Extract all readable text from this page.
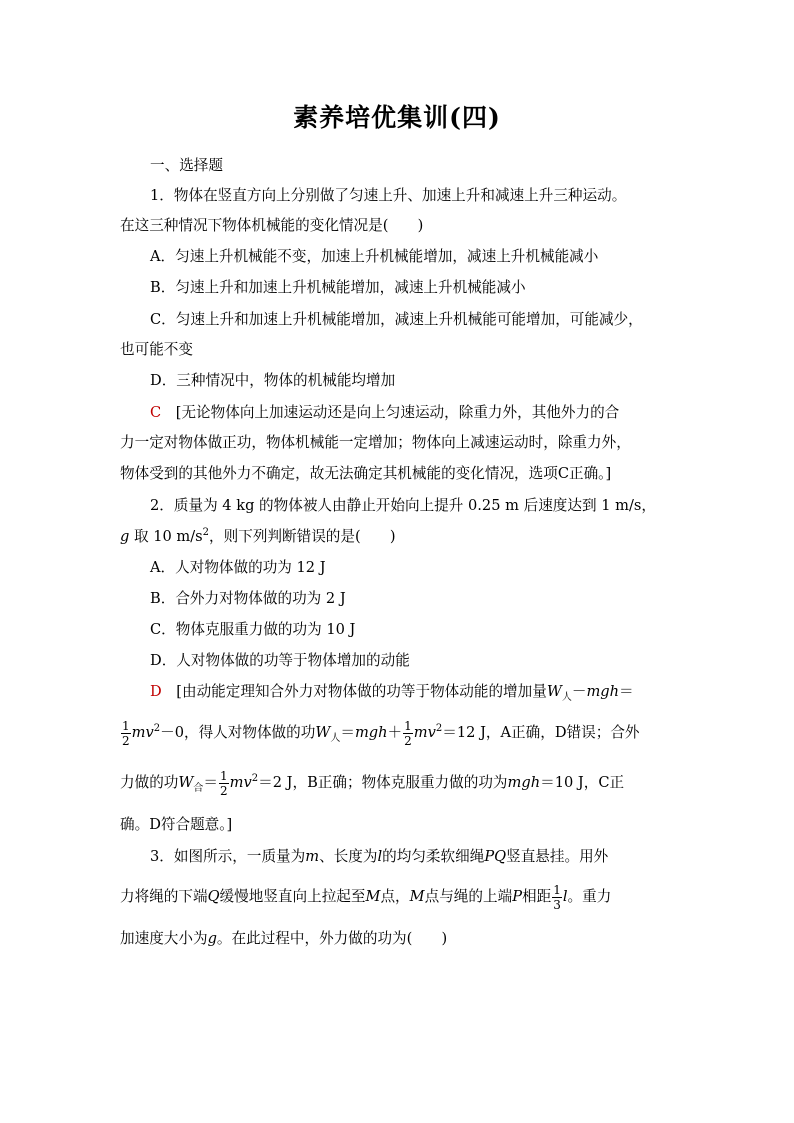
素养培优集训(四)
一、选择题
1．物体在竖直方向上分别做了匀速上升、加速上升和减速上升三种运动。
在这三种情况下物体机械能的变化情况是(　　)
A．匀速上升机械能不变，加速上升机械能增加，减速上升机械能减小
B．匀速上升和加速上升机械能增加，减速上升机械能减小
C．匀速上升和加速上升机械能增加，减速上升机械能可能增加，可能减少，
也可能不变
D．三种情况中，物体的机械能均增加
C　[无论物体向上加速运动还是向上匀速运动，除重力外，其他外力的合
力一定对物体做正功，物体机械能一定增加；物体向上减速运动时，除重力外，
物体受到的其他外力不确定，故无法确定其机械能的变化情况，选项C正确。]
2．质量为 4 kg 的物体被人由静止开始向上提升 0.25 m 后速度达到 1 m/s，
g 取 10 $m/s^2$，则下列判断错误的是(　　)
A．人对物体做的功为 12 J
B．合外力对物体做的功为 2 J
C．物体克服重力做的功为 10 J
D．人对物体做的功等于物体增加的动能
D　[由动能定理知合外力对物体做的功等于物体动能的增加量$W_人-mgh=$
$\frac{1}{2} mv^2-0$，得人对物体做的功$W_人=mgh+ \frac{1}{2} mv^2=12$ J，A正确，D错误；合外
力做的功$W_合= \frac{1}{2} mv^2=2$ J，B正确；物体克服重力做的功为mgh＝10 J，C正
确。D符合题意。]
3．如图所示，一质量为m、长度为l的均匀柔软细绳PQ竖直悬挂。用外
力将绳的下端Q缓慢地竖直向上拉起至M点，M点与绳的上端P相距 $\frac{1}{3}$ l。重力
加速度大小为g。在此过程中，外力做的功为(　　)
